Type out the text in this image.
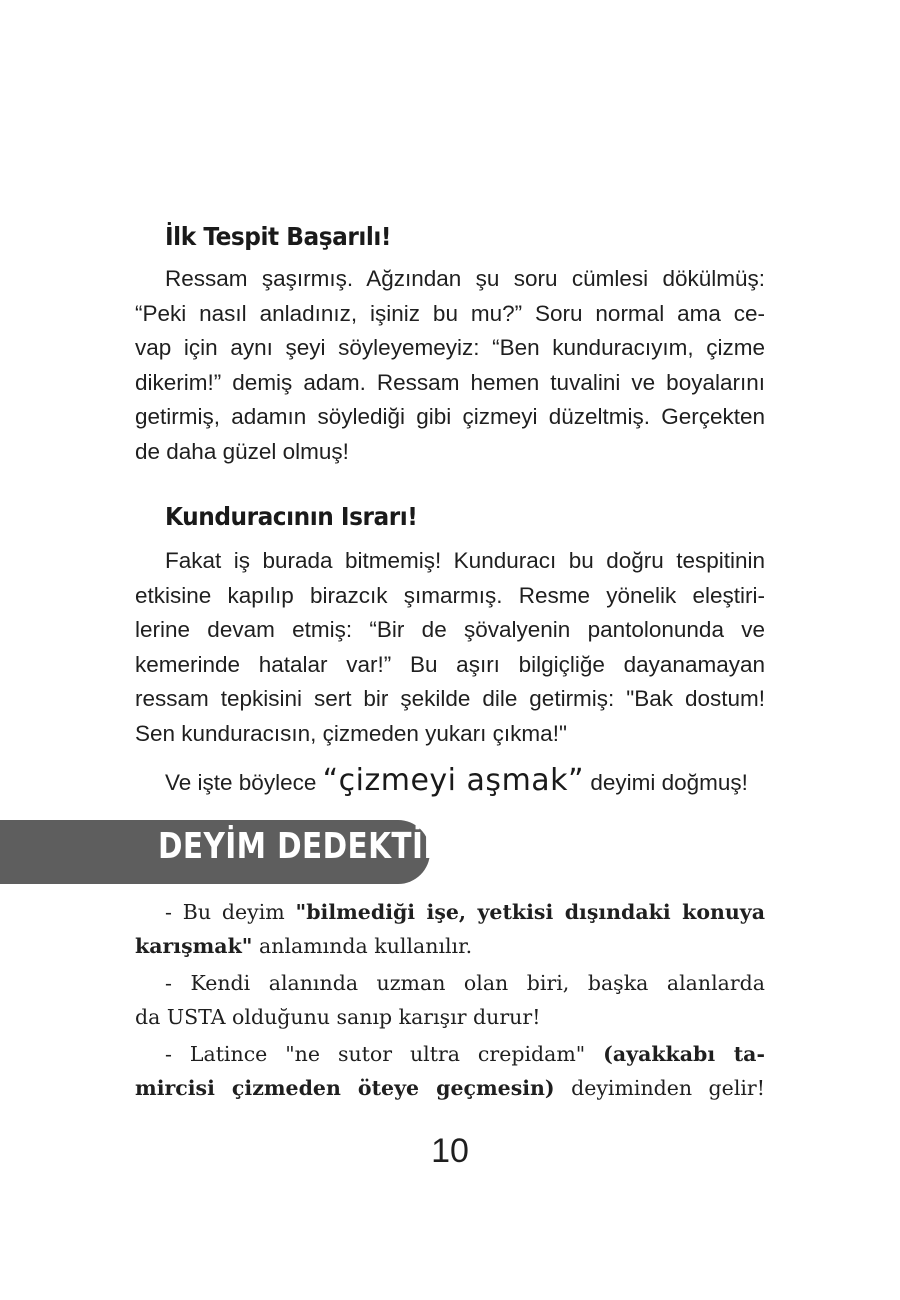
İlk Tespit Başarılı!
Ressam şaşırmış. Ağzından şu soru cümlesi dökülmüş:
“Peki nasıl anladınız, işiniz bu mu?” Soru normal ama ce-
vap için aynı şeyi söyleyemeyiz: “Ben kunduracıyım, çizme
dikerim!” demiş adam. Ressam hemen tuvalini ve boyalarını
getirmiş, adamın söylediği gibi çizmeyi düzeltmiş. Gerçekten
de daha güzel olmuş!
Kunduracının Israrı!
Fakat iş burada bitmemiş! Kunduracı bu doğru tespitinin
etkisine kapılıp birazcık şımarmış. Resme yönelik eleştiri-
lerine devam etmiş: “Bir de şövalyenin pantolonunda ve
kemerinde hatalar var!” Bu aşırı bilgiçliğe dayanamayan
ressam tepkisini sert bir şekilde dile getirmiş: "Bak dostum!
Sen kunduracısın, çizmeden yukarı çıkma!"
Ve işte böylece “çizmeyi aşmak” deyimi doğmuş!
DEYİM DEDEKTİFİ
- Bu deyim "bilmediği işe, yetkisi dışındaki konuya
karışmak" anlamında kullanılır.
- Kendi alanında uzman olan biri, başka alanlarda
da USTA olduğunu sanıp karışır durur!
- Latince "ne sutor ultra crepidam" (ayakkabı ta-
mircisi çizmeden öteye geçmesin) deyiminden gelir!

10
